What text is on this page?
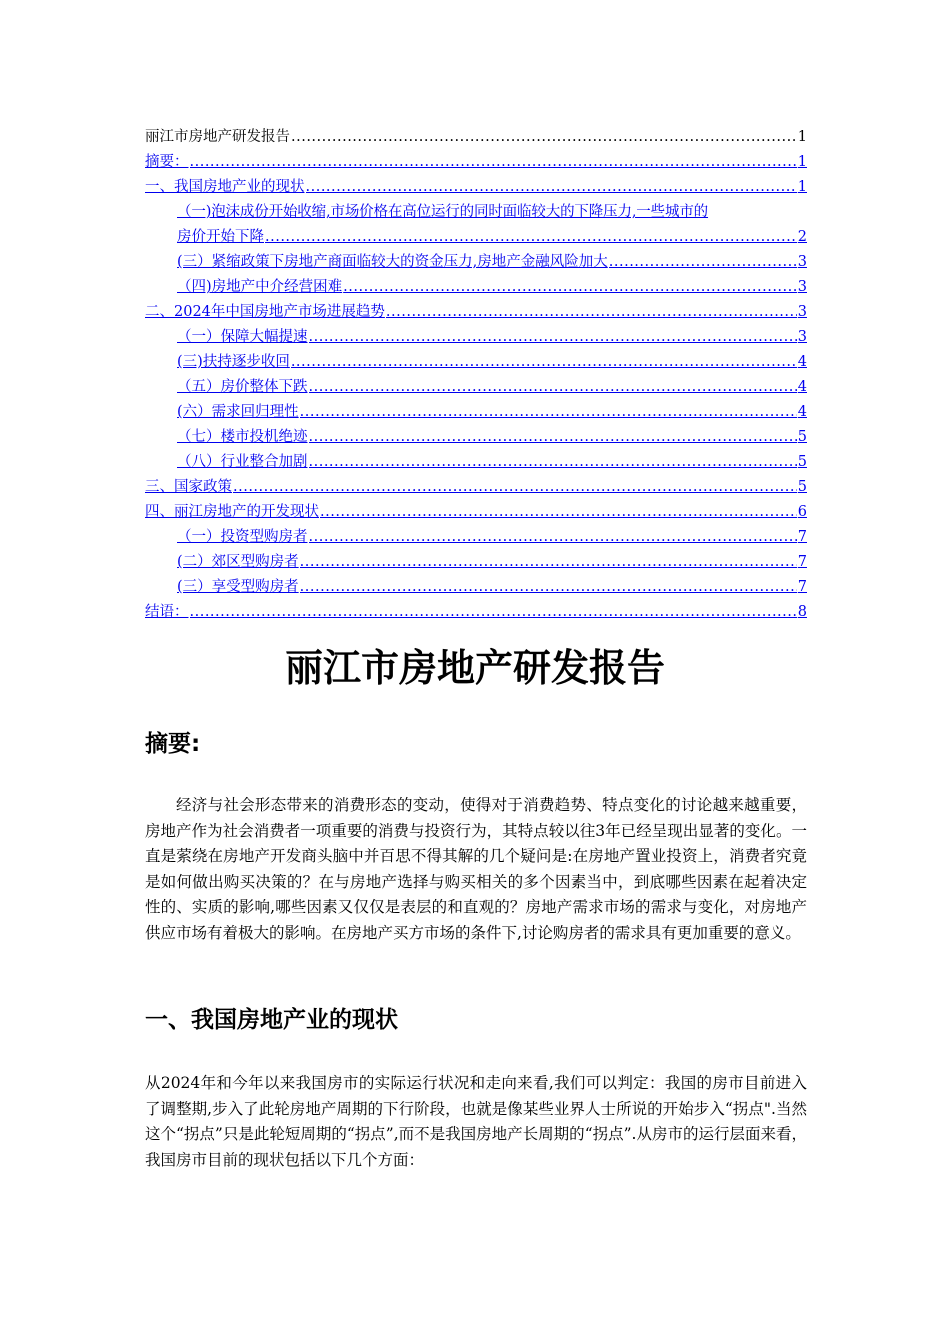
丽江市房地产研发报告 .....	1
摘要： .....	1
一、我国房地产业的现状 .....	1
（一)泡沫成份开始收缩,市场价格在高位运行的同时面临较大的下降压力,一些城市的
房价开始下降 .....	2
(三）紧缩政策下房地产商面临较大的资金压力,房地产金融风险加大 .....	3
（四)房地产中介经营困难 .....	3
二、2024年中国房地产市场进展趋势 .....	3
（一）保障大幅提速 .....	3
(三)扶持逐步收回 .....	4
（五）房价整体下跌 .....	4
(六）需求回归理性 .....	4
（七）楼市投机绝迹 .....	5
（八）行业整合加剧 .....	5
三、国家政策 .....	5
四、丽江房地产的开发现状 .....	6
（一）投资型购房者 .....	7
(二）郊区型购房者 .....	7
(三）享受型购房者 .....	7
结语： .....	8
丽江市房地产研发报告
摘要:

经济与社会形态带来的消费形态的变动，使得对于消费趋势、特点变化的讨论越来越重要，房地产作为社会消费者一项重要的消费与投资行为，其特点较以往3年已经呈现出显著的变化。一直是萦绕在房地产开发商头脑中并百思不得其解的几个疑问是:在房地产置业投资上，消费者究竟是如何做出购买决策的？在与房地产选择与购买相关的多个因素当中，到底哪些因素在起着决定性的、实质的影响,哪些因素又仅仅是表层的和直观的？房地产需求市场的需求与变化，对房地产供应市场有着极大的影响。在房地产买方市场的条件下,讨论购房者的需求具有更加重要的意义。

一、我国房地产业的现状

从2024年和今年以来我国房市的实际运行状况和走向来看,我们可以判定：我国的房市目前进入了调整期,步入了此轮房地产周期的下行阶段，也就是像某些业界人士所说的开始步入“拐点".当然这个“拐点”只是此轮短周期的“拐点”,而不是我国房地产长周期的“拐点”.从房市的运行层面来看，我国房市目前的现状包括以下几个方面：
